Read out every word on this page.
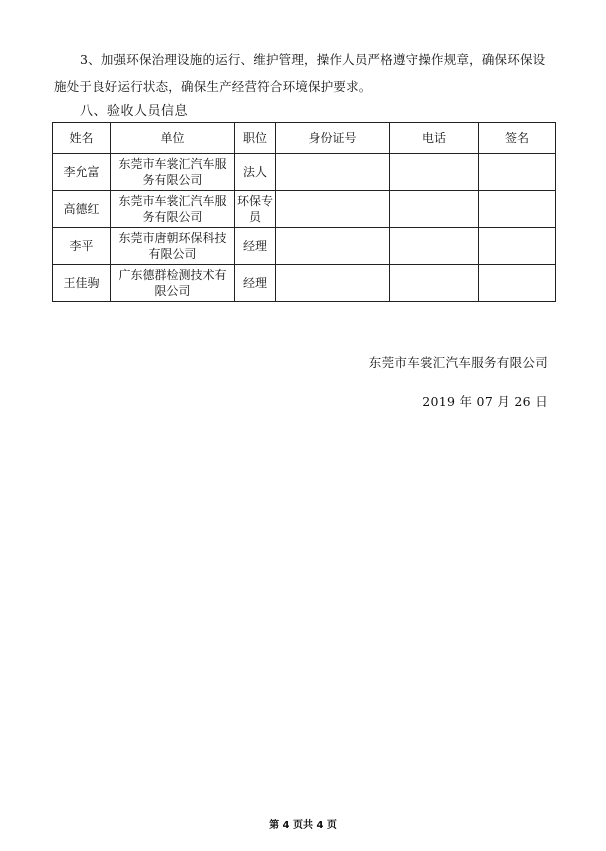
3、加强环保治理设施的运行、维护管理，操作人员严格遵守操作规章，确保环保设施处于良好运行状态，确保生产经营符合环境保护要求。
八、验收人员信息
姓名	单位	职位	身份证号	电话	签名
李允富	东莞市车裳汇汽车服务有限公司	法人			
高德红	东莞市车裳汇汽车服务有限公司	环保专员			
李平	东莞市唐朝环保科技有限公司	经理			
王佳驹	广东德群检测技术有限公司	经理			
东莞市车裳汇汽车服务有限公司
2019 年 07 月 26 日
第 4 页共 4 页
